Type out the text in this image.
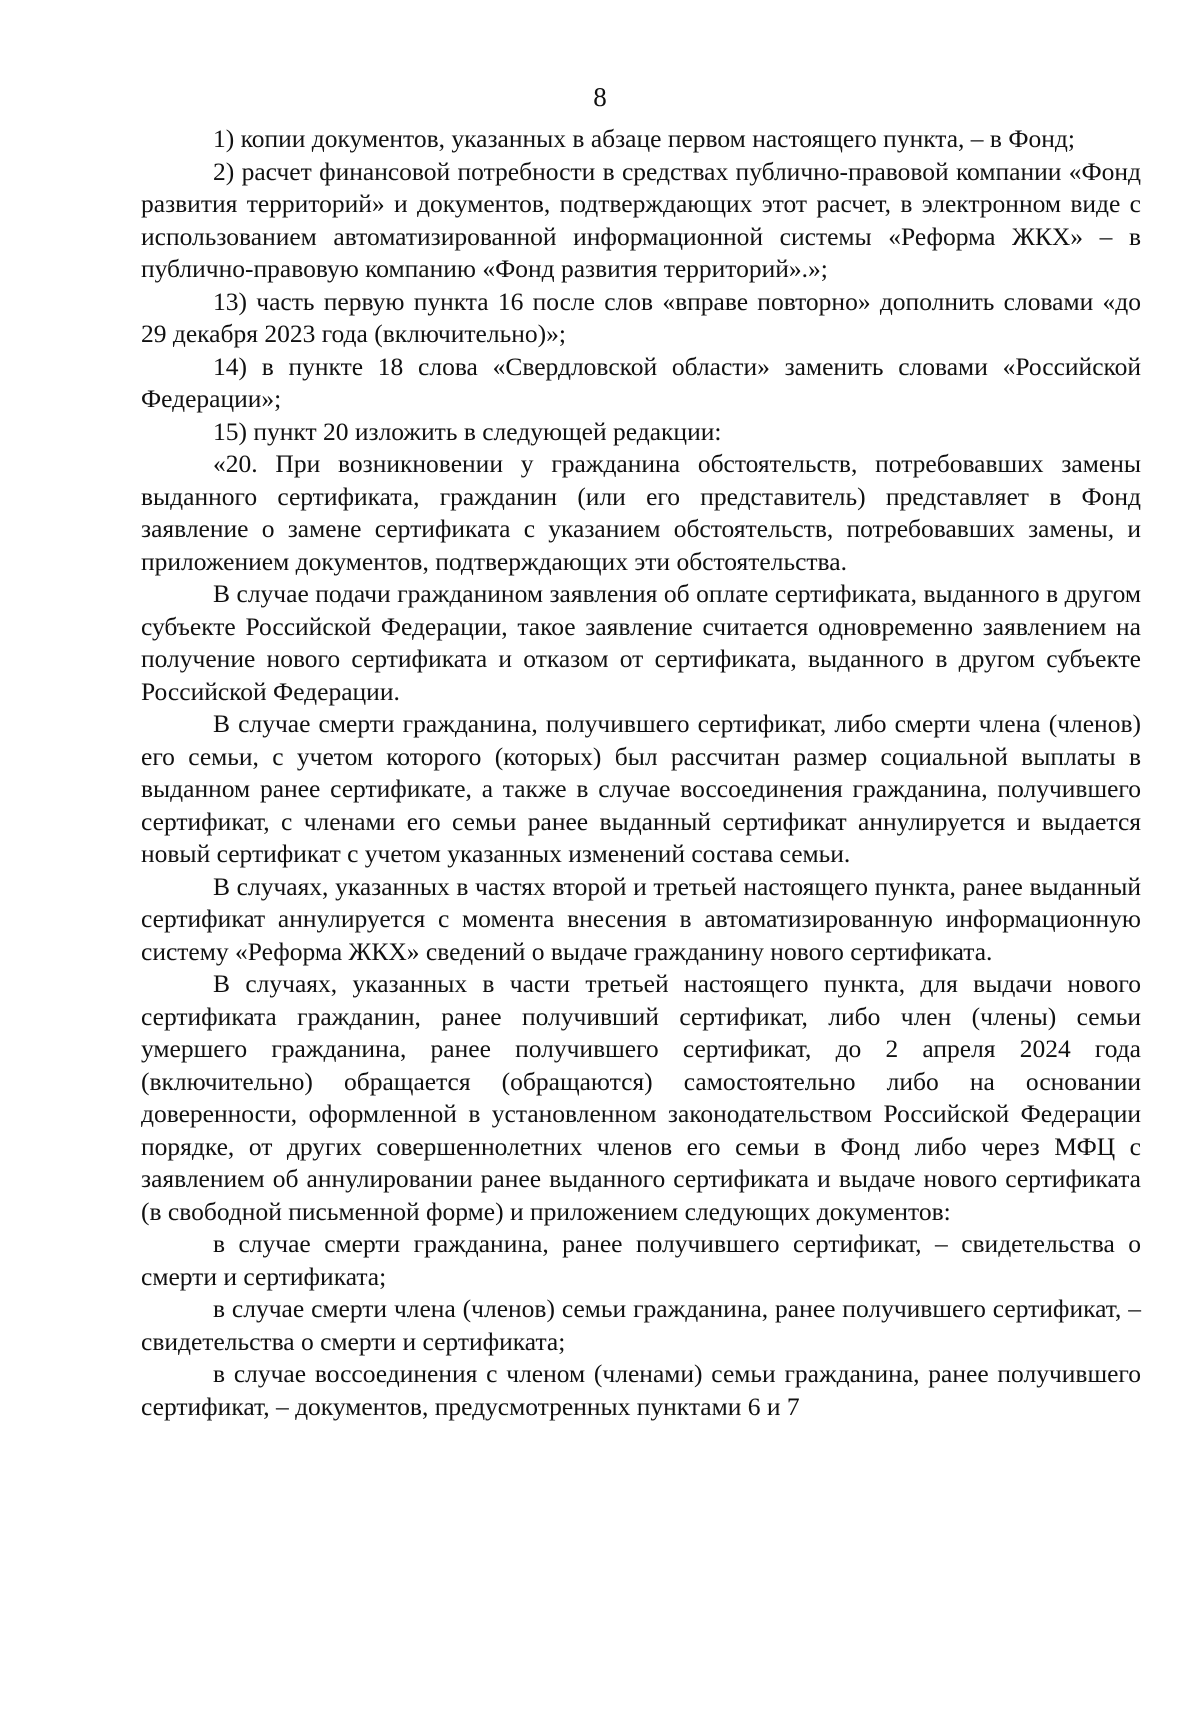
8

1) копии документов, указанных в абзаце первом настоящего пункта, – в Фонд;

2) расчет финансовой потребности в средствах публично-правовой компании «Фонд развития территорий» и документов, подтверждающих этот расчет, в электронном виде с использованием автоматизированной информационной системы «Реформа ЖКХ» – в публично-правовую компанию «Фонд развития территорий».»;

13) часть первую пункта 16 после слов «вправе повторно» дополнить словами «до 29 декабря 2023 года (включительно)»;

14) в пункте 18 слова «Свердловской области» заменить словами «Российской Федерации»;

15) пункт 20 изложить в следующей редакции:

«20. При возникновении у гражданина обстоятельств, потребовавших замены выданного сертификата, гражданин (или его представитель) представляет в Фонд заявление о замене сертификата с указанием обстоятельств, потребовавших замены, и приложением документов, подтверждающих эти обстоятельства.

В случае подачи гражданином заявления об оплате сертификата, выданного в другом субъекте Российской Федерации, такое заявление считается одновременно заявлением на получение нового сертификата и отказом от сертификата, выданного в другом субъекте Российской Федерации.

В случае смерти гражданина, получившего сертификат, либо смерти члена (членов) его семьи, с учетом которого (которых) был рассчитан размер социальной выплаты в выданном ранее сертификате, а также в случае воссоединения гражданина, получившего сертификат, с членами его семьи ранее выданный сертификат аннулируется и выдается новый сертификат с учетом указанных изменений состава семьи.

В случаях, указанных в частях второй и третьей настоящего пункта, ранее выданный сертификат аннулируется с момента внесения в автоматизированную информационную систему «Реформа ЖКХ» сведений о выдаче гражданину нового сертификата.

В случаях, указанных в части третьей настоящего пункта, для выдачи нового сертификата гражданин, ранее получивший сертификат, либо член (члены) семьи умершего гражданина, ранее получившего сертификат, до 2 апреля 2024 года (включительно) обращается (обращаются) самостоятельно либо на основании доверенности, оформленной в установленном законодательством Российской Федерации порядке, от других совершеннолетних членов его семьи в Фонд либо через МФЦ с заявлением об аннулировании ранее выданного сертификата и выдаче нового сертификата (в свободной письменной форме) и приложением следующих документов:

в случае смерти гражданина, ранее получившего сертификат, – свидетельства о смерти и сертификата;

в случае смерти члена (членов) семьи гражданина, ранее получившего сертификат, – свидетельства о смерти и сертификата;

в случае воссоединения с членом (членами) семьи гражданина, ранее получившего сертификат, – документов, предусмотренных пунктами 6 и 7
